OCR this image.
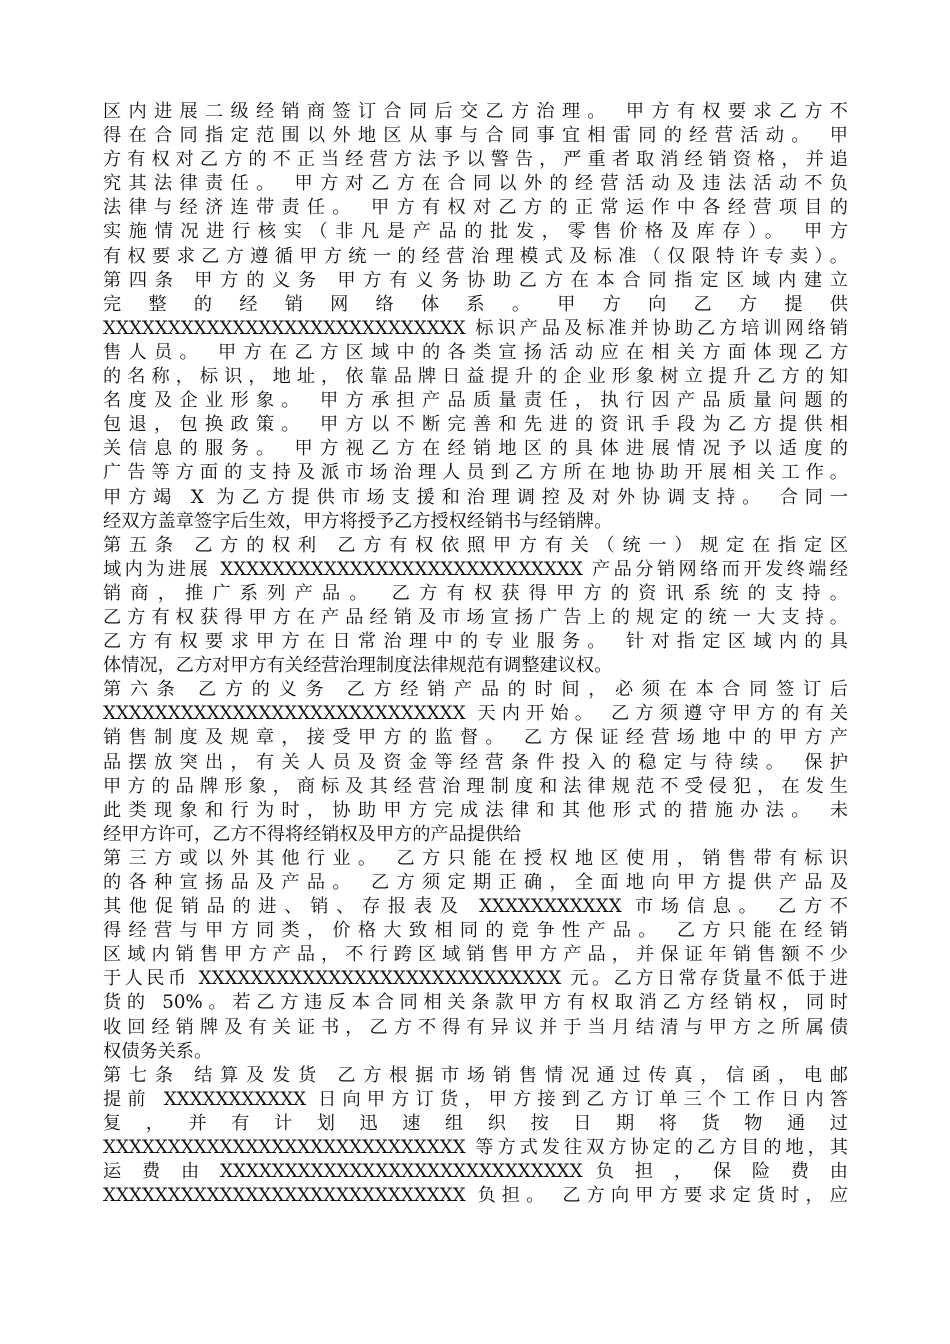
区内进展二级经销商签订合同后交乙方治理。 甲方有权要求乙方不
得在合同指定范围以外地区从事与合同事宜相雷同的经营活动。 甲
方有权对乙方的不正当经营方法予以警告，严重者取消经销资格，并追
究其法律责任。 甲方对乙方在合同以外的经营活动及违法活动不负
法律与经济连带责任。 甲方有权对乙方的正常运作中各经营项目的
实施情况进行核实（非凡是产品的批发，零售价格及库存）。 甲方
有权要求乙方遵循甲方统一的经营治理模式及标准（仅限特许专卖）。
第四条 甲方的义务 甲方有义务协助乙方在本合同指定区域内建立
完 整 的 经 销 网 络 体 系 。 甲 方 向 乙 方 提 供
XXXXXXXXXXXXXXXXXXXXXXXXXXXX 标识产品及标准并协助乙方培训网络销
售人员。 甲方在乙方区域中的各类宣扬活动应在相关方面体现乙方
的名称，标识，地址，依靠品牌日益提升的企业形象树立提升乙方的知
名度及企业形象。 甲方承担产品质量责任，执行因产品质量问题的
包退，包换政策。 甲方以不断完善和先进的资讯手段为乙方提供相
关信息的服务。 甲方视乙方在经销地区的具体进展情况予以适度的
广告等方面的支持及派市场治理人员到乙方所在地协助开展相关工作。
甲方竭 X 为乙方提供市场支援和治理调控及对外协调支持。 合同一
经双方盖章签字后生效，甲方将授予乙方授权经销书与经销牌。
第五条 乙方的权利 乙方有权依照甲方有关（统一）规定在指定区
域内为进展 XXXXXXXXXXXXXXXXXXXXXXXXXXXX 产品分销网络而开发终端经
销商，推广系列产品。 乙方有权获得甲方的资讯系统的支持。
乙方有权获得甲方在产品经销及市场宣扬广告上的规定的统一大支持。
乙方有权要求甲方在日常治理中的专业服务。 针对指定区域内的具
体情况，乙方对甲方有关经营治理制度法律规范有调整建议权。
第六条 乙方的义务 乙方经销产品的时间，必须在本合同签订后
XXXXXXXXXXXXXXXXXXXXXXXXXXXX 天内开始。 乙方须遵守甲方的有关
销售制度及规章，接受甲方的监督。 乙方保证经营场地中的甲方产
品摆放突出，有关人员及资金等经营条件投入的稳定与待续。 保护
甲方的品牌形象，商标及其经营治理制度和法律规范不受侵犯，在发生
此类现象和行为时，协助甲方完成法律和其他形式的措施办法。 未
经甲方许可，乙方不得将经销权及甲方的产品提供给
第三方或以外其他行业。 乙方只能在授权地区使用，销售带有标识
的各种宣扬品及产品。 乙方须定期正确，全面地向甲方提供产品及
其他促销品的进、销、存报表及 XXXXXXXXXXX 市场信息。 乙方不
得经营与甲方同类，价格大致相同的竞争性产品。 乙方只能在经销
区域内销售甲方产品，不行跨区域销售甲方产品，并保证年销售额不少
于人民币 XXXXXXXXXXXXXXXXXXXXXXXXXXXX 元。乙方日常存货量不低于进
货的 50%。若乙方违反本合同相关条款甲方有权取消乙方经销权，同时
收回经销牌及有关证书，乙方不得有异议并于当月结清与甲方之所属债
权债务关系。
第七条 结算及发货 乙方根据市场销售情况通过传真，信函，电邮
提前 XXXXXXXXXXX 日向甲方订货，甲方接到乙方订单三个工作日内答
复 ， 并 有 计 划 迅 速 组 织 按 日 期 将 货 物 通 过
XXXXXXXXXXXXXXXXXXXXXXXXXXXX 等方式发往双方协定的乙方目的地，其
运 费 由 XXXXXXXXXXXXXXXXXXXXXXXXXXXX 负 担 ， 保 险 费 由
XXXXXXXXXXXXXXXXXXXXXXXXXXXX 负担。 乙方向甲方要求定货时，应
